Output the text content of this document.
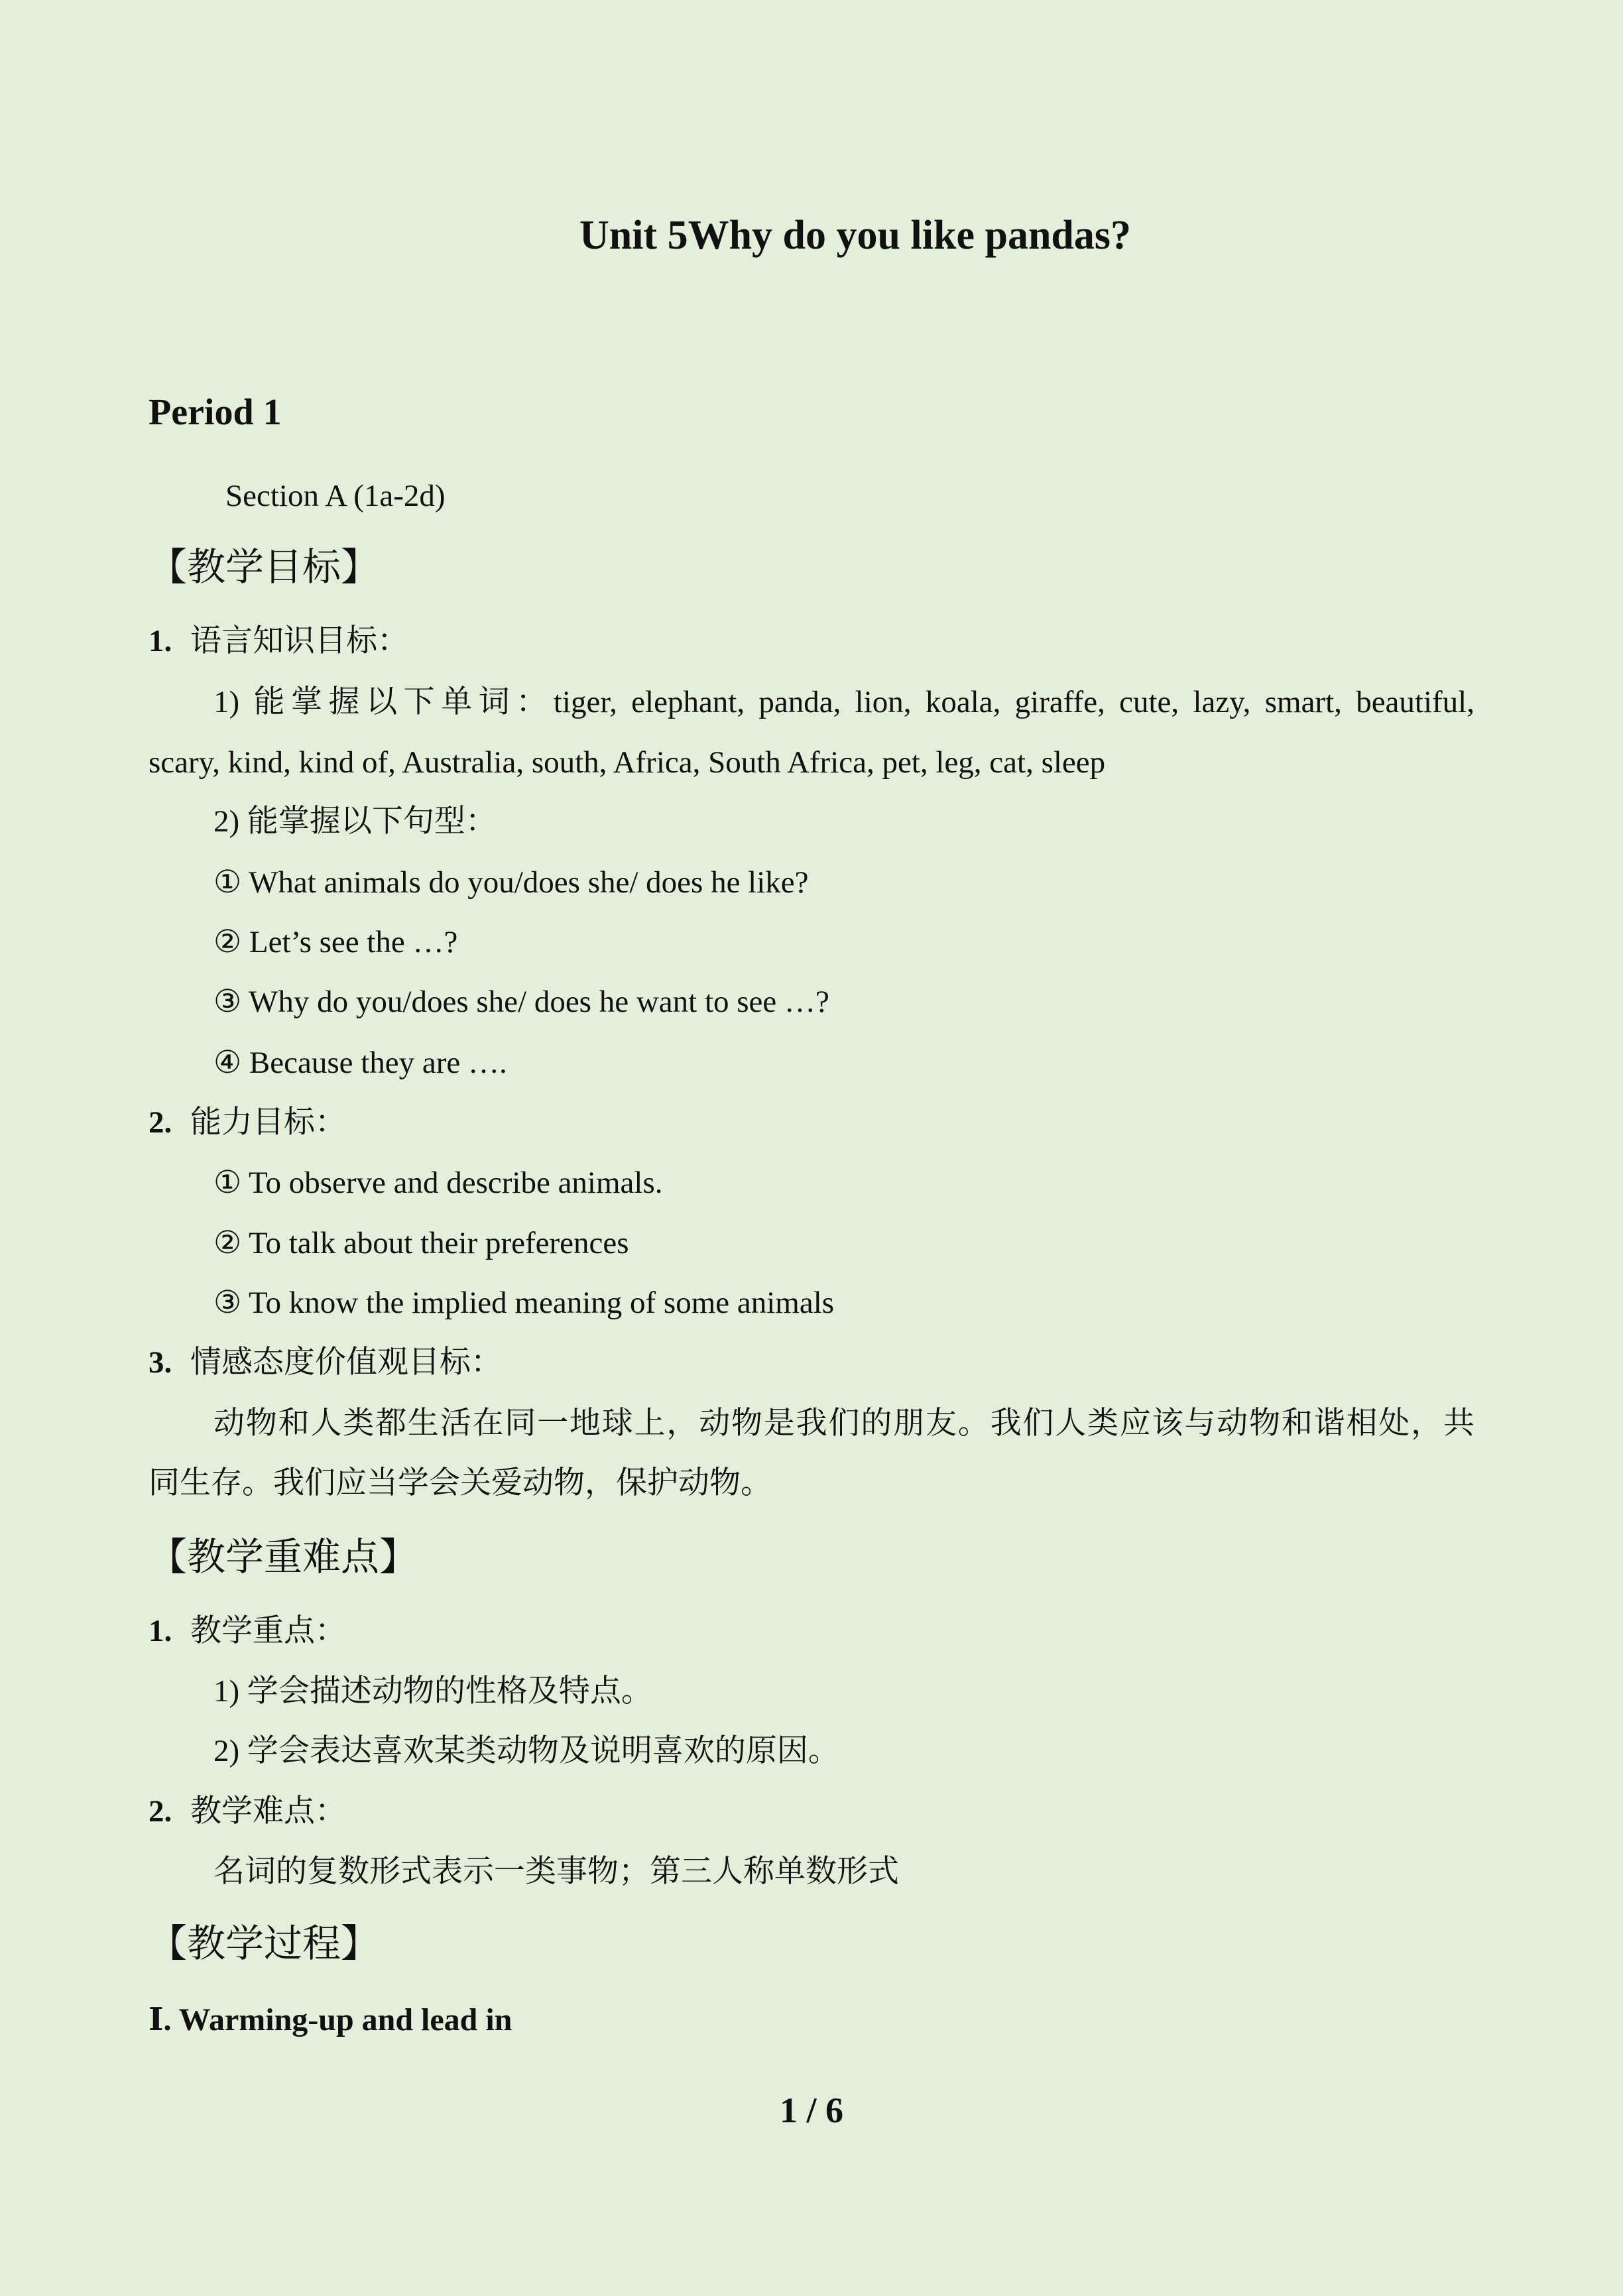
Unit 5Why do you like pandas?
Period 1
Section A (1a-2d)
【教学目标】
1. 语言知识目标：
1) 能掌握以下单词：tiger, elephant, panda, lion, koala, giraffe, cute, lazy, smart, beautiful,
scary, kind, kind of, Australia, south, Africa, South Africa, pet, leg, cat, sleep
2) 能掌握以下句型：
① What animals do you/does she/ does he like?
② Let’s see the …?
③ Why do you/does she/ does he want to see …?
④ Because they are ….
2. 能力目标：
① To observe and describe animals.
② To talk about their preferences
③ To know the implied meaning of some animals
3. 情感态度价值观目标：
动物和人类都生活在同一地球上，动物是我们的朋友。我们人类应该与动物和谐相处，共
同生存。我们应当学会关爱动物，保护动物。
【教学重难点】
1. 教学重点：
1) 学会描述动物的性格及特点。
2) 学会表达喜欢某类动物及说明喜欢的原因。
2. 教学难点：
名词的复数形式表示一类事物；第三人称单数形式
【教学过程】
Ⅰ. Warming-up and lead in
1 / 6
